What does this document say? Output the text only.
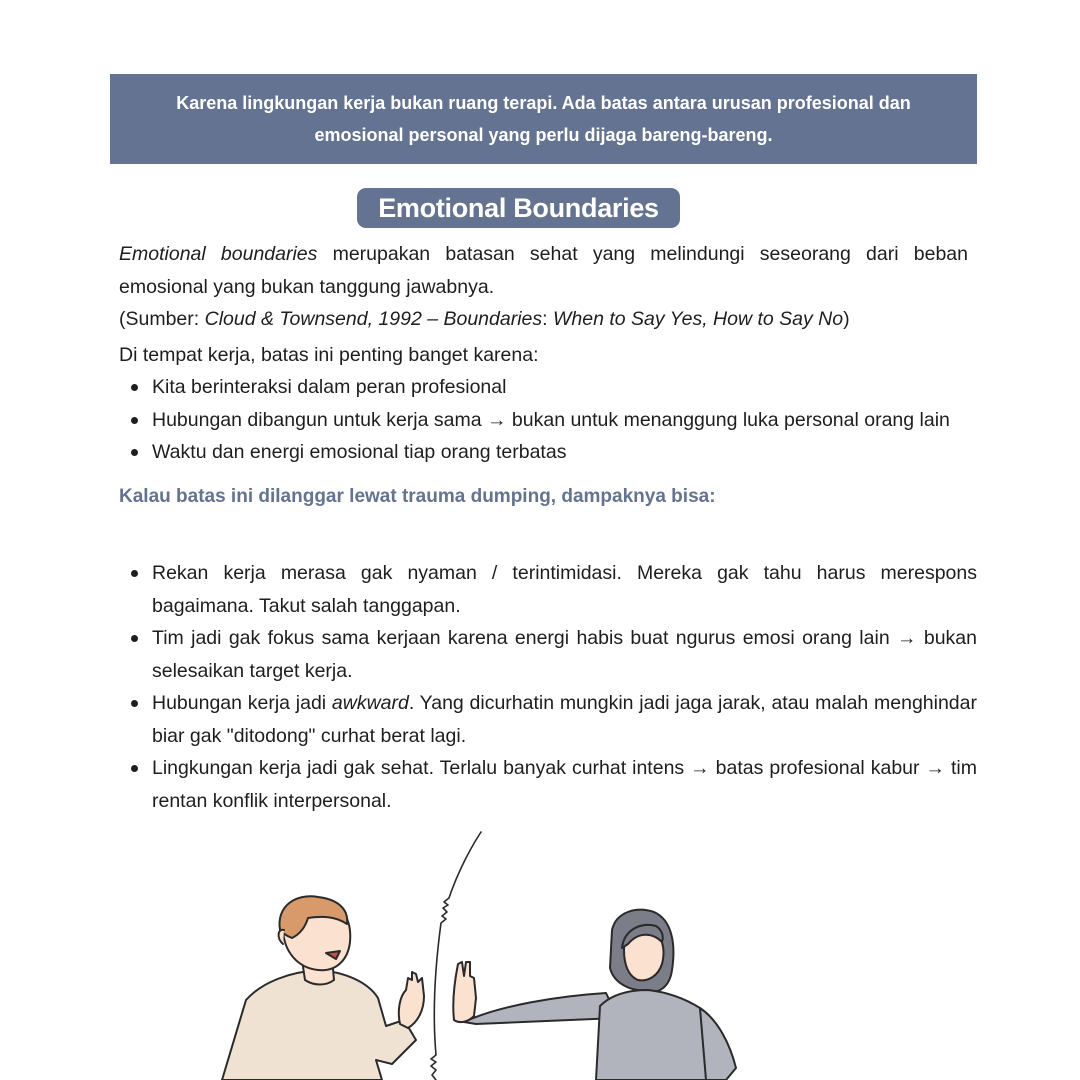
Karena lingkungan kerja bukan ruang terapi. Ada batas antara urusan profesional dan
emosional personal yang perlu dijaga bareng-bareng.
Emotional Boundaries

Emotional boundaries merupakan batasan sehat yang melindungi seseorang dari beban emosional yang bukan tanggung jawabnya.

(Sumber: Cloud & Townsend, 1992 – Boundaries: When to Say Yes, How to Say No)

Di tempat kerja, batas ini penting banget karena:

Kita berinteraksi dalam peran profesional
Hubungan dibangun untuk kerja sama → bukan untuk menanggung luka personal orang lain
Waktu dan energi emosional tiap orang terbatas

Kalau batas ini dilanggar lewat trauma dumping, dampaknya bisa:

Rekan kerja merasa gak nyaman / terintimidasi. Mereka gak tahu harus merespons bagaimana. Takut salah tanggapan.
Tim jadi gak fokus sama kerjaan karena energi habis buat ngurus emosi orang lain → bukan selesaikan target kerja.
Hubungan kerja jadi awkward. Yang dicurhatin mungkin jadi jaga jarak, atau malah menghindar biar gak "ditodong" curhat berat lagi.
Lingkungan kerja jadi gak sehat. Terlalu banyak curhat intens → batas profesional kabur → tim rentan konflik interpersonal.
